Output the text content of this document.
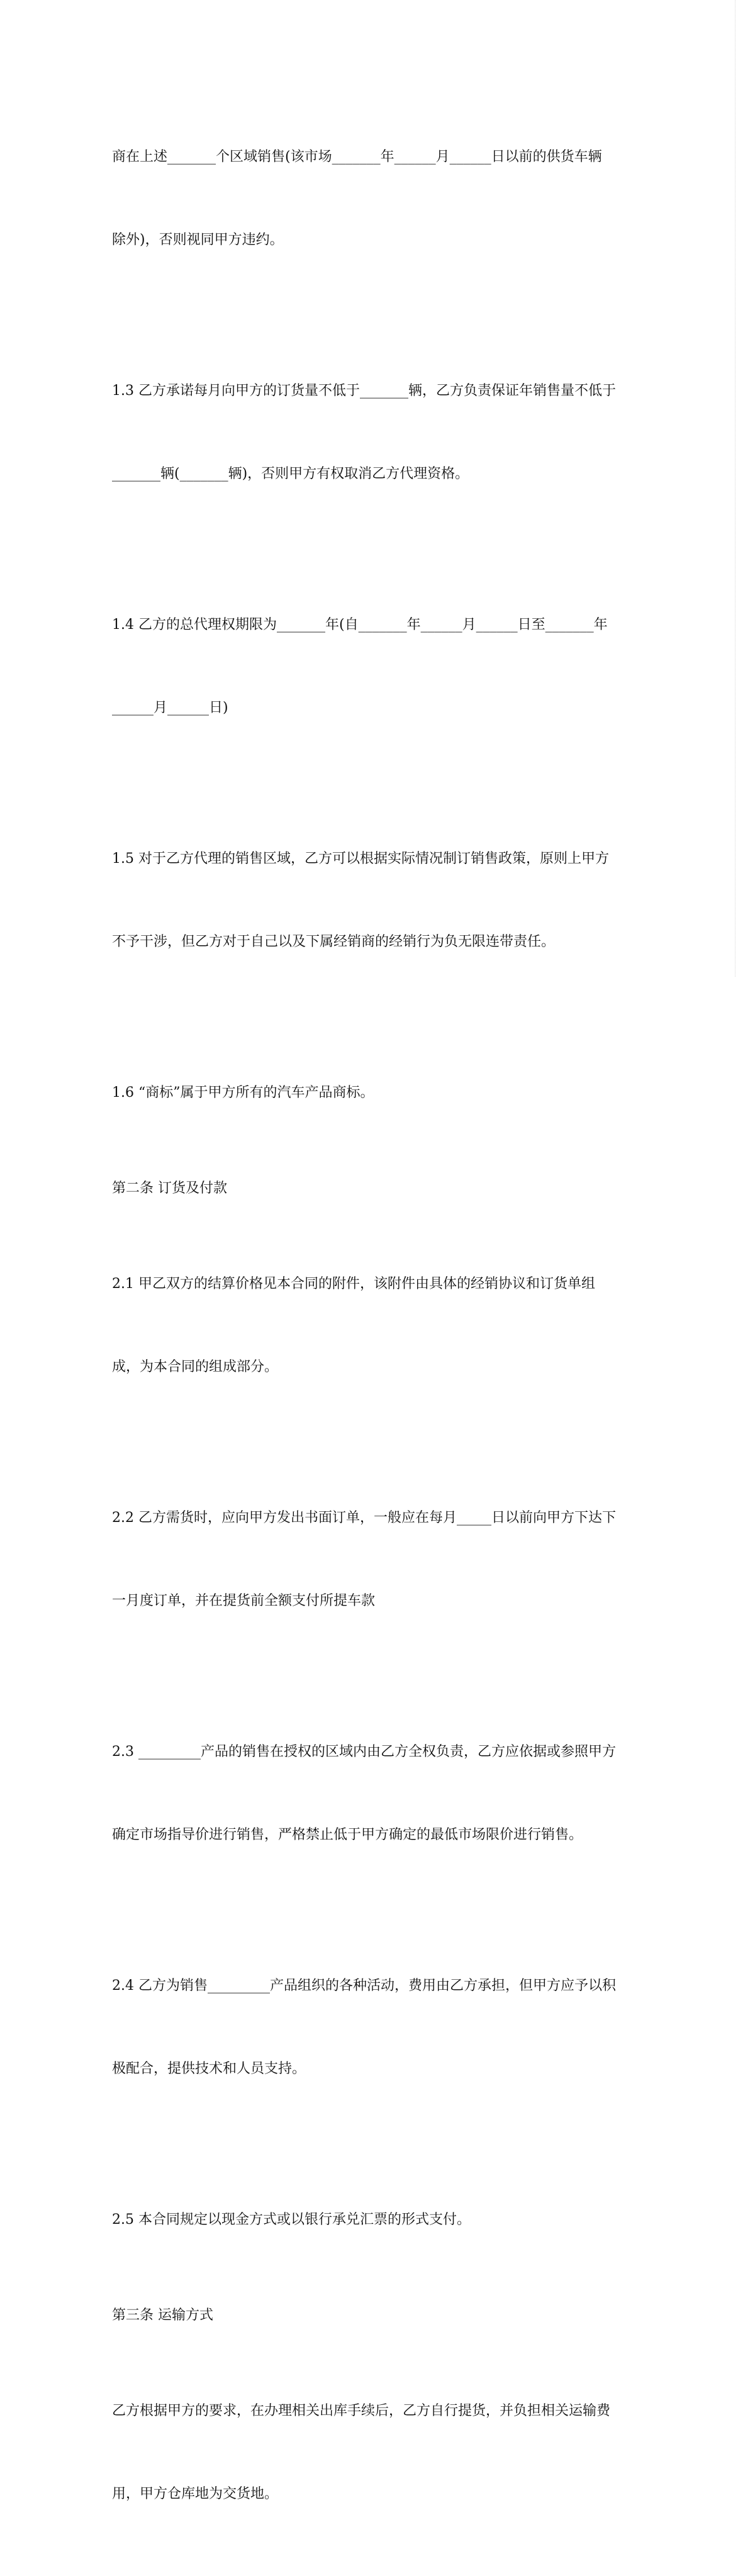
商在上述_______个区域销售(该市场_______年______月______日以前的供货车辆

除外)，否则视同甲方违约。

1.3 乙方承诺每月向甲方的订货量不低于_______辆，乙方负责保证年销售量不低于

_______辆(_______辆)，否则甲方有权取消乙方代理资格。

1.4 乙方的总代理权期限为_______年(自_______年______月______日至_______年

______月______日)

1.5 对于乙方代理的销售区域，乙方可以根据实际情况制订销售政策，原则上甲方

不予干涉，但乙方对于自己以及下属经销商的经销行为负无限连带责任。

1.6 “商标”属于甲方所有的汽车产品商标。

第二条 订货及付款

2.1 甲乙双方的结算价格见本合同的附件，该附件由具体的经销协议和订货单组

成，为本合同的组成部分。

2.2 乙方需货时，应向甲方发出书面订单，一般应在每月_____日以前向甲方下达下

一月度订单，并在提货前全额支付所提车款

2.3 _________产品的销售在授权的区域内由乙方全权负责，乙方应依据或参照甲方

确定市场指导价进行销售，严格禁止低于甲方确定的最低市场限价进行销售。

2.4 乙方为销售_________产品组织的各种活动，费用由乙方承担，但甲方应予以积

极配合，提供技术和人员支持。

2.5 本合同规定以现金方式或以银行承兑汇票的形式支付。

第三条 运输方式

乙方根据甲方的要求，在办理相关出库手续后，乙方自行提货，并负担相关运输费

用，甲方仓库地为交货地。
